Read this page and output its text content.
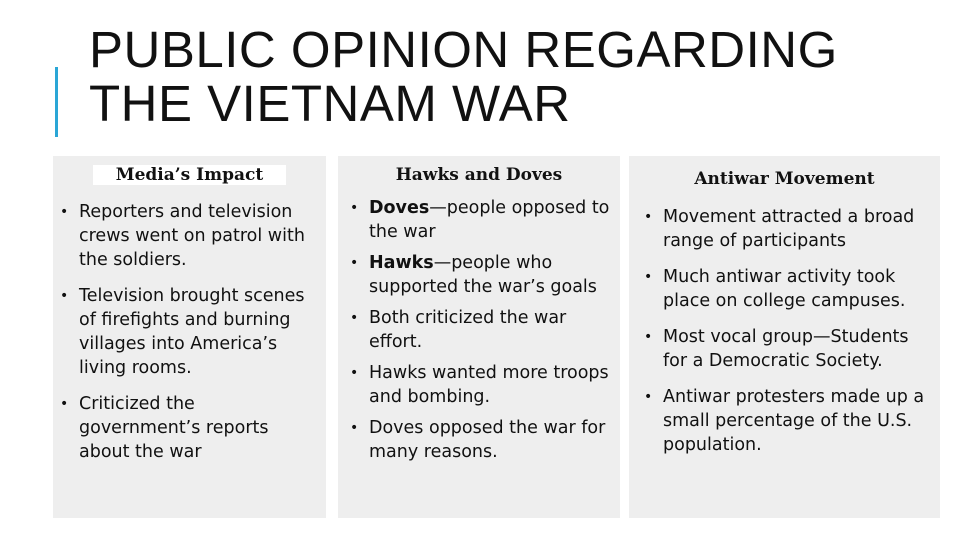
PUBLIC OPINION REGARDING THE VIETNAM WAR
Media’s Impact
• Reporters and television crews went on patrol with the soldiers.
• Television brought scenes of firefights and burning villages into America’s living rooms.
• Criticized the government’s reports about the war
Hawks and Doves
• Doves—people opposed to the war
• Hawks—people who supported the war’s goals
• Both criticized the war effort.
• Hawks wanted more troops and bombing.
• Doves opposed the war for many reasons.
Antiwar Movement
• Movement attracted a broad range of participants
• Much antiwar activity took place on college campuses.
• Most vocal group—Students for a Democratic Society.
• Antiwar protesters made up a small percentage of the U.S. population.
